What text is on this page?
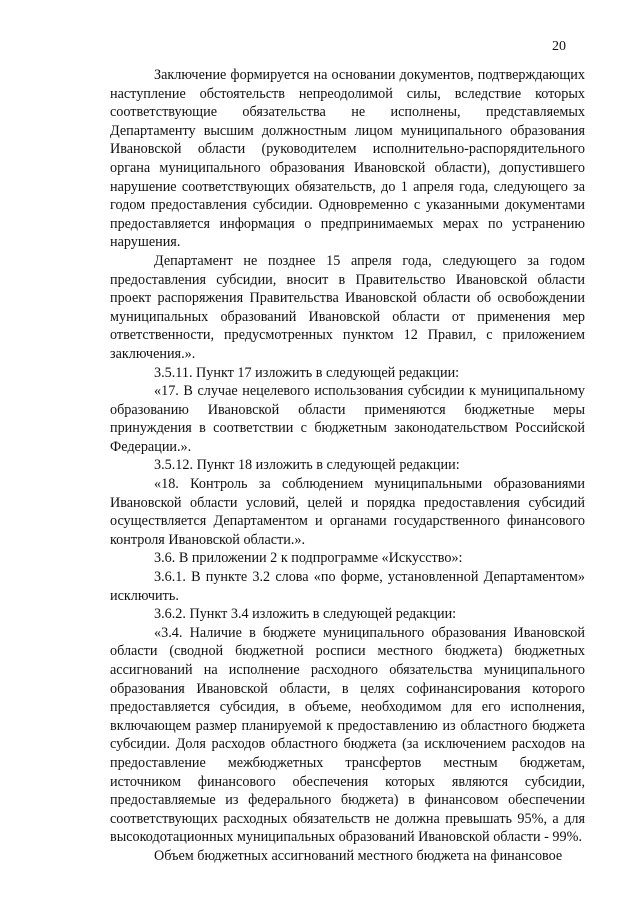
20

Заключение формируется на основании документов, подтверждающих наступление обстоятельств непреодолимой силы, вследствие которых соответствующие обязательства не исполнены, представляемых Департаменту высшим должностным лицом муниципального образования Ивановской области (руководителем исполнительно-распорядительного органа муниципального образования Ивановской области), допустившего нарушение соответствующих обязательств, до 1 апреля года, следующего за годом предоставления субсидии. Одновременно с указанными документами предоставляется информация о предпринимаемых мерах по устранению нарушения.

Департамент не позднее 15 апреля года, следующего за годом предоставления субсидии, вносит в Правительство Ивановской области проект распоряжения Правительства Ивановской области об освобождении муниципальных образований Ивановской области от применения мер ответственности, предусмотренных пунктом 12 Правил, с приложением заключения.».

3.5.11. Пункт 17 изложить в следующей редакции:

«17. В случае нецелевого использования субсидии к муниципальному образованию Ивановской области применяются бюджетные меры принуждения в соответствии с бюджетным законодательством Российской Федерации.».

3.5.12. Пункт 18 изложить в следующей редакции:

«18. Контроль за соблюдением муниципальными образованиями Ивановской области условий, целей и порядка предоставления субсидий осуществляется Департаментом и органами государственного финансового контроля Ивановской области.».

3.6. В приложении 2 к подпрограмме «Искусство»:

3.6.1. В пункте 3.2 слова «по форме, установленной Департаментом» исключить.

3.6.2. Пункт 3.4 изложить в следующей редакции:

«3.4. Наличие в бюджете муниципального образования Ивановской области (сводной бюджетной росписи местного бюджета) бюджетных ассигнований на исполнение расходного обязательства муниципального образования Ивановской области, в целях софинансирования которого предоставляется субсидия, в объеме, необходимом для его исполнения, включающем размер планируемой к предоставлению из областного бюджета субсидии. Доля расходов областного бюджета (за исключением расходов на предоставление межбюджетных трансфертов местным бюджетам, источником финансового обеспечения которых являются субсидии, предоставляемые из федерального бюджета) в финансовом обеспечении соответствующих расходных обязательств не должна превышать 95%, а для высокодотационных муниципальных образований Ивановской области - 99%.

Объем бюджетных ассигнований местного бюджета на финансовое
